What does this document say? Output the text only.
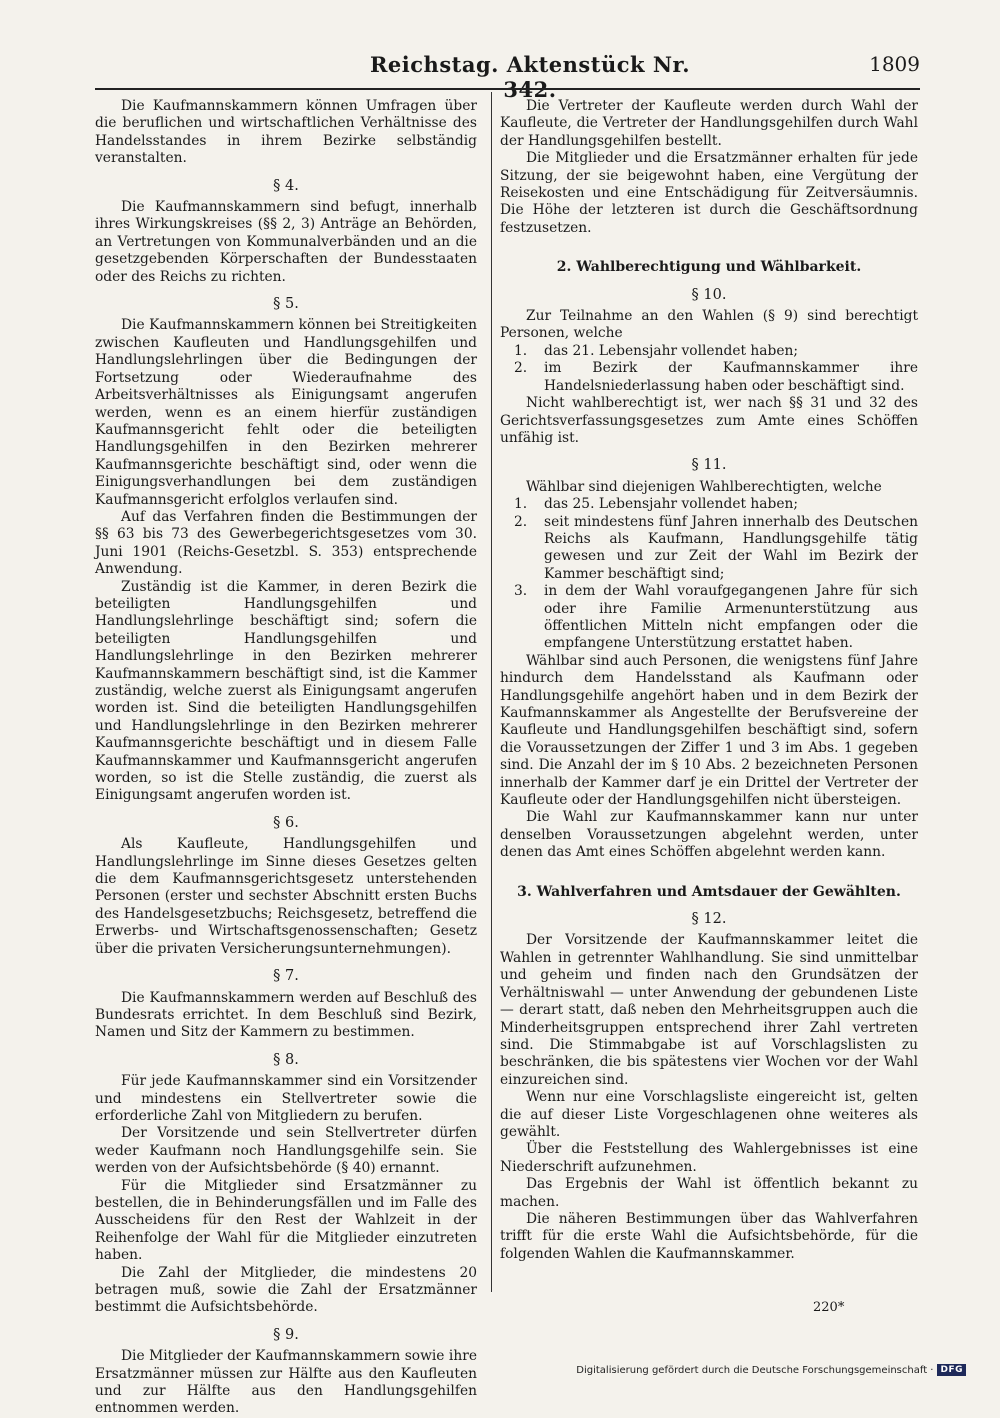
Reichstag. Aktenstück Nr. 342.
1809

Die Kaufmannskammern können Umfragen über die beruflichen und wirtschaftlichen Verhältnisse des Handelsstandes in ihrem Bezirke selbständig veranstalten.

§ 4.

Die Kaufmannskammern sind befugt, innerhalb ihres Wirkungskreises (§§ 2, 3) Anträge an Behörden, an Vertretungen von Kommunalverbänden und an die gesetzgebenden Körperschaften der Bundesstaaten oder des Reichs zu richten.

§ 5.

Die Kaufmannskammern können bei Streitigkeiten zwischen Kaufleuten und Handlungsgehilfen und Handlungslehrlingen über die Bedingungen der Fortsetzung oder Wiederaufnahme des Arbeitsverhältnisses als Einigungsamt angerufen werden, wenn es an einem hierfür zuständigen Kaufmannsgericht fehlt oder die beteiligten Handlungsgehilfen in den Bezirken mehrerer Kaufmannsgerichte beschäftigt sind, oder wenn die Einigungsverhandlungen bei dem zuständigen Kaufmannsgericht erfolglos verlaufen sind.

Auf das Verfahren finden die Bestimmungen der §§ 63 bis 73 des Gewerbegerichtsgesetzes vom 30. Juni 1901 (Reichs-Gesetzbl. S. 353) entsprechende Anwendung.

Zuständig ist die Kammer, in deren Bezirk die beteiligten Handlungsgehilfen und Handlungslehrlinge beschäftigt sind; sofern die beteiligten Handlungsgehilfen und Handlungslehrlinge in den Bezirken mehrerer Kaufmannskammern beschäftigt sind, ist die Kammer zuständig, welche zuerst als Einigungsamt angerufen worden ist. Sind die beteiligten Handlungsgehilfen und Handlungslehrlinge in den Bezirken mehrerer Kaufmannsgerichte beschäftigt und in diesem Falle Kaufmannskammer und Kaufmannsgericht angerufen worden, so ist die Stelle zuständig, die zuerst als Einigungsamt angerufen worden ist.

§ 6.

Als Kaufleute, Handlungsgehilfen und Handlungslehrlinge im Sinne dieses Gesetzes gelten die dem Kaufmannsgerichtsgesetz unterstehenden Personen (erster und sechster Abschnitt ersten Buchs des Handelsgesetzbuchs; Reichsgesetz, betreffend die Erwerbs- und Wirtschaftsgenossenschaften; Gesetz über die privaten Versicherungsunternehmungen).

§ 7.

Die Kaufmannskammern werden auf Beschluß des Bundesrats errichtet. In dem Beschluß sind Bezirk, Namen und Sitz der Kammern zu bestimmen.

§ 8.

Für jede Kaufmannskammer sind ein Vorsitzender und mindestens ein Stellvertreter sowie die erforderliche Zahl von Mitgliedern zu berufen.

Der Vorsitzende und sein Stellvertreter dürfen weder Kaufmann noch Handlungsgehilfe sein. Sie werden von der Aufsichtsbehörde (§ 40) ernannt.

Für die Mitglieder sind Ersatzmänner zu bestellen, die in Behinderungsfällen und im Falle des Ausscheidens für den Rest der Wahlzeit in der Reihenfolge der Wahl für die Mitglieder einzutreten haben.

Die Zahl der Mitglieder, die mindestens 20 betragen muß, sowie die Zahl der Ersatzmänner bestimmt die Aufsichtsbehörde.

§ 9.

Die Mitglieder der Kaufmannskammern sowie ihre Ersatzmänner müssen zur Hälfte aus den Kaufleuten und zur Hälfte aus den Handlungsgehilfen entnommen werden.

Die Vertreter der Kaufleute werden durch Wahl der Kaufleute, die Vertreter der Handlungsgehilfen durch Wahl der Handlungsgehilfen bestellt.

Die Mitglieder und die Ersatzmänner erhalten für jede Sitzung, der sie beigewohnt haben, eine Vergütung der Reisekosten und eine Entschädigung für Zeitversäumnis. Die Höhe der letzteren ist durch die Geschäftsordnung festzusetzen.

2. Wahlberechtigung und Wählbarkeit.
§ 10.

Zur Teilnahme an den Wahlen (§ 9) sind berechtigt Personen, welche

1. das 21. Lebensjahr vollendet haben;
2. im Bezirk der Kaufmannskammer ihre Handelsniederlassung haben oder beschäftigt sind.

Nicht wahlberechtigt ist, wer nach §§ 31 und 32 des Gerichtsverfassungsgesetzes zum Amte eines Schöffen unfähig ist.

§ 11.

Wählbar sind diejenigen Wahlberechtigten, welche

1. das 25. Lebensjahr vollendet haben;
2. seit mindestens fünf Jahren innerhalb des Deutschen Reichs als Kaufmann, Handlungsgehilfe tätig gewesen und zur Zeit der Wahl im Bezirk der Kammer beschäftigt sind;
3. in dem der Wahl voraufgegangenen Jahre für sich oder ihre Familie Armenunterstützung aus öffentlichen Mitteln nicht empfangen oder die empfangene Unterstützung erstattet haben.

Wählbar sind auch Personen, die wenigstens fünf Jahre hindurch dem Handelsstand als Kaufmann oder Handlungsgehilfe angehört haben und in dem Bezirk der Kaufmannskammer als Angestellte der Berufsvereine der Kaufleute und Handlungsgehilfen beschäftigt sind, sofern die Voraussetzungen der Ziffer 1 und 3 im Abs. 1 gegeben sind. Die Anzahl der im § 10 Abs. 2 bezeichneten Personen innerhalb der Kammer darf je ein Drittel der Vertreter der Kaufleute oder der Handlungsgehilfen nicht übersteigen.

Die Wahl zur Kaufmannskammer kann nur unter denselben Voraussetzungen abgelehnt werden, unter denen das Amt eines Schöffen abgelehnt werden kann.

3. Wahlverfahren und Amtsdauer der Gewählten.
§ 12.

Der Vorsitzende der Kaufmannskammer leitet die Wahlen in getrennter Wahlhandlung. Sie sind unmittelbar und geheim und finden nach den Grundsätzen der Verhältniswahl — unter Anwendung der gebundenen Liste — derart statt, daß neben den Mehrheitsgruppen auch die Minderheitsgruppen entsprechend ihrer Zahl vertreten sind. Die Stimmabgabe ist auf Vorschlagslisten zu beschränken, die bis spätestens vier Wochen vor der Wahl einzureichen sind.

Wenn nur eine Vorschlagsliste eingereicht ist, gelten die auf dieser Liste Vorgeschlagenen ohne weiteres als gewählt.

Über die Feststellung des Wahlergebnisses ist eine Niederschrift aufzunehmen.

Das Ergebnis der Wahl ist öffentlich bekannt zu machen.

Die näheren Bestimmungen über das Wahlverfahren trifft für die erste Wahl die Aufsichtsbehörde, für die folgenden Wahlen die Kaufmannskammer.

220*
Digitalisierung gefördert durch die Deutsche Forschungsgemeinschaft · DFG
